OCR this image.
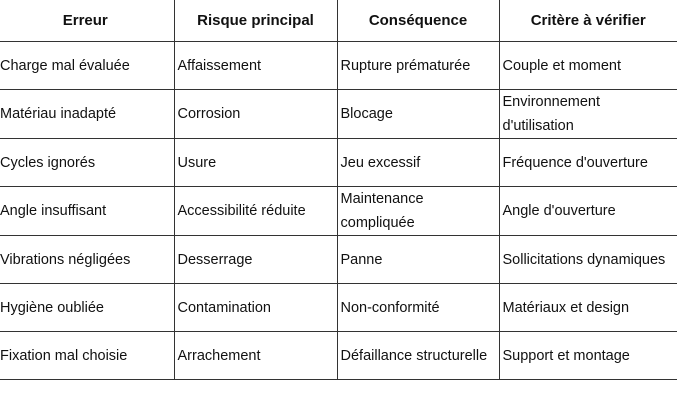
Erreur	Risque principal	Conséquence	Critère à vérifier
Charge mal évaluée	Affaissement	Rupture prématurée	Couple et moment
Matériau inadapté	Corrosion	Blocage	Environnement d'utilisation
Cycles ignorés	Usure	Jeu excessif	Fréquence d'ouverture
Angle insuffisant	Accessibilité réduite	Maintenance compliquée	Angle d'ouverture
Vibrations négligées	Desserrage	Panne	Sollicitations dynamiques
Hygiène oubliée	Contamination	Non-conformité	Matériaux et design
Fixation mal choisie	Arrachement	Défaillance structurelle	Support et montage
